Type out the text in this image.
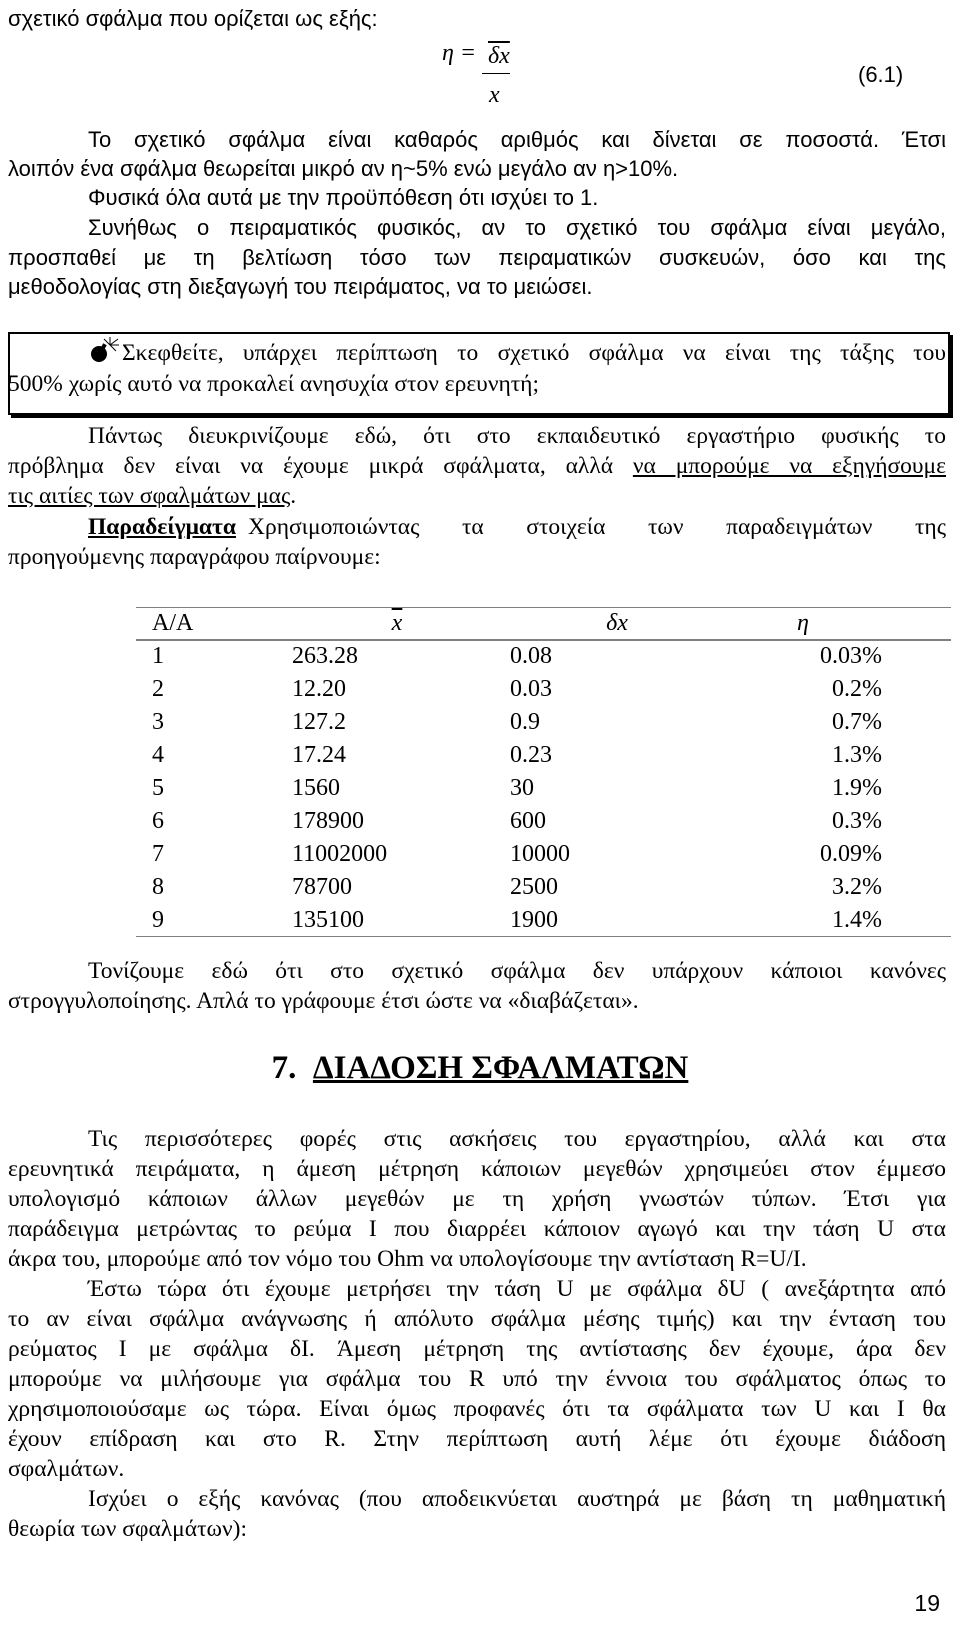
σχετικό σφάλμα που ορίζεται ως εξής:
$\eta = \overline{\delta x}$
x
(6.1)
Το σχετικό σφάλμα είναι καθαρός αριθμός και δίνεται σε ποσοστά. Έτσι
λοιπόν ένα σφάλμα θεωρείται μικρό αν η~5% ενώ μεγάλο αν η>10%.
Φυσικά όλα αυτά με την προϋπόθεση ότι ισχύει το 1.
Συνήθως ο πειραματικός φυσικός, αν το σχετικό του σφάλμα είναι μεγάλο,
προσπαθεί με τη βελτίωση τόσο των πειραματικών συσκευών, όσο και της
μεθοδολογίας στη διεξαγωγή του πειράματος, να το μειώσει.
Σκεφθείτε, υπάρχει περίπτωση το σχετικό σφάλμα να είναι της τάξης του
500% χωρίς αυτό να προκαλεί ανησυχία στον ερευνητή;
Πάντως διευκρινίζουμε εδώ, ότι στο εκπαιδευτικό εργαστήριο φυσικής το
πρόβλημα δεν είναι να έχουμε μικρά σφάλματα, αλλά να μπορούμε να εξηγήσουμε
τις αιτίες των σφαλμάτων μας.
Παραδείγματα Χρησιμοποιώντας τα στοιχεία των παραδειγμάτων της
προηγούμενης παραγράφου παίρνουμε:
Α/Α	$\overline{x}$	δx	η
1	263.28	0.08	0.03%
2	12.20	0.03	0.2%
3	127.2	0.9	0.7%
4	17.24	0.23	1.3%
5	1560	30	1.9%
6	178900	600	0.3%
7	11002000	10000	0.09%
8	78700	2500	3.2%
9	135100	1900	1.4%
Τονίζουμε εδώ ότι στο σχετικό σφάλμα δεν υπάρχουν κάποιοι κανόνες
στρογγυλοποίησης. Απλά το γράφουμε έτσι ώστε να «διαβάζεται».
7. ΔΙΑΔΟΣΗ ΣΦΑΛΜΑΤΩΝ
Τις περισσότερες φορές στις ασκήσεις του εργαστηρίου, αλλά και στα
ερευνητικά πειράματα, η άμεση μέτρηση κάποιων μεγεθών χρησιμεύει στον έμμεσο
υπολογισμό κάποιων άλλων μεγεθών με τη χρήση γνωστών τύπων. Έτσι για
παράδειγμα μετρώντας το ρεύμα I που διαρρέει κάποιον αγωγό και την τάση U στα
άκρα του, μπορούμε από τον νόμο του Ohm να υπολογίσουμε την αντίσταση R=U/I.
Έστω τώρα ότι έχουμε μετρήσει την τάση U με σφάλμα δU ( ανεξάρτητα από
το αν είναι σφάλμα ανάγνωσης ή απόλυτο σφάλμα μέσης τιμής) και την ένταση του
ρεύματος I με σφάλμα δI. Άμεση μέτρηση της αντίστασης δεν έχουμε, άρα δεν
μπορούμε να μιλήσουμε για σφάλμα του R υπό την έννοια του σφάλματος όπως το
χρησιμοποιούσαμε ως τώρα. Είναι όμως προφανές ότι τα σφάλματα των U και I θα
έχουν επίδραση και στο R. Στην περίπτωση αυτή λέμε ότι έχουμε διάδοση
σφαλμάτων.
Ισχύει ο εξής κανόνας (που αποδεικνύεται αυστηρά με βάση τη μαθηματική
θεωρία των σφαλμάτων):
19
